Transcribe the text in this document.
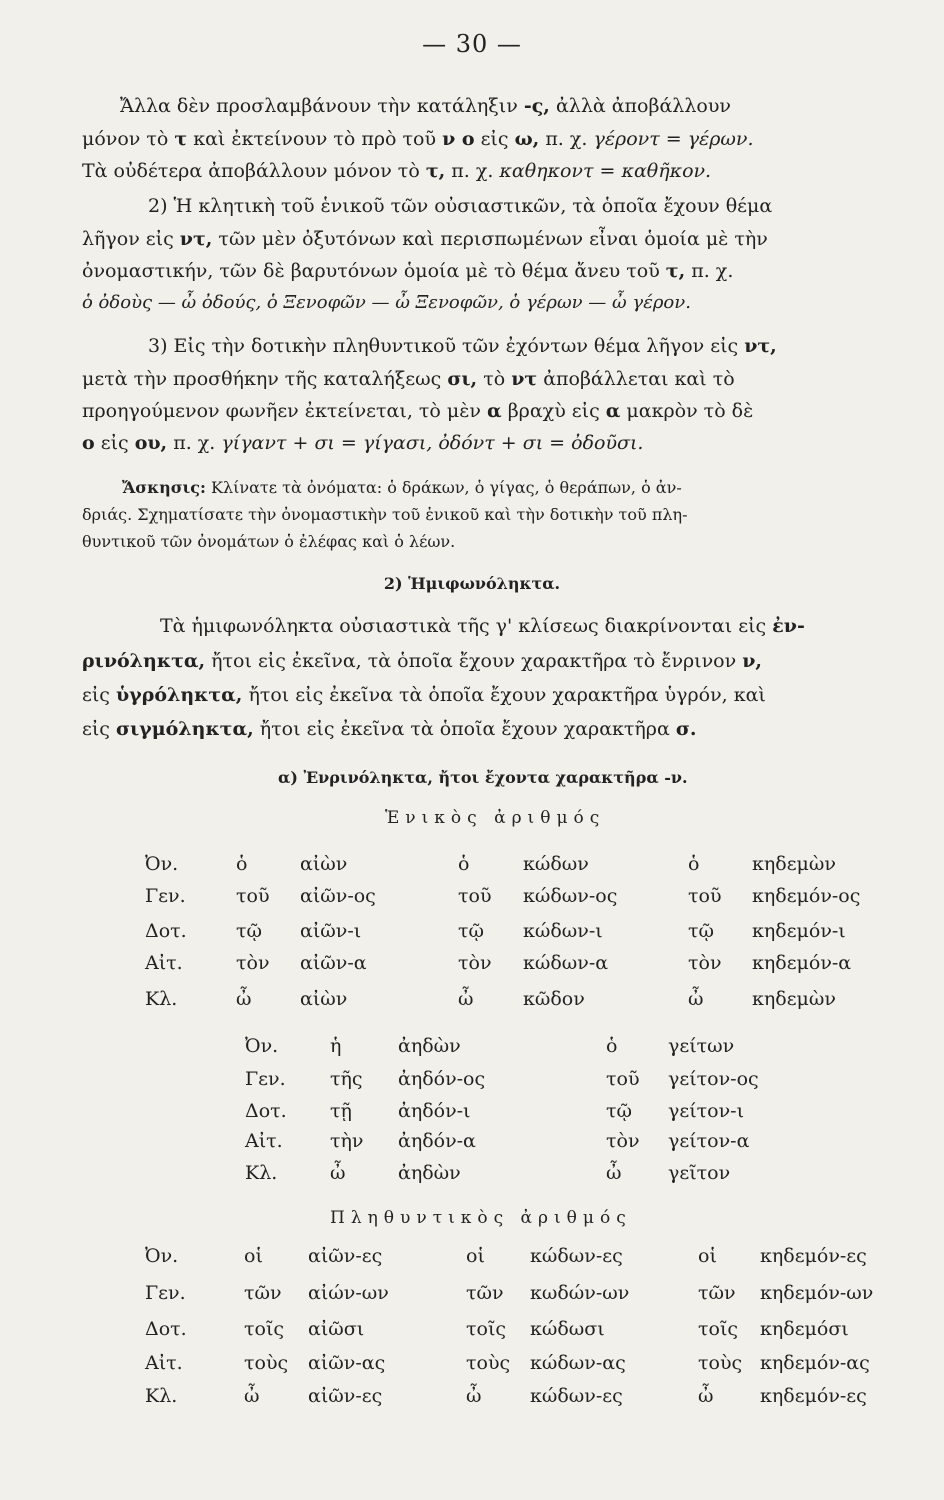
— 30 —
Ἄλλα δὲν προσλαμβάνουν τὴν κατάληξιν -ς, ἀλλὰ ἀποβάλλουν
μόνον τὸ τ καὶ ἐκτείνουν τὸ πρὸ τοῦ ν ο εἰς ω, π. χ. γέροντ = γέρων.
Τὰ οὐδέτερα ἀποβάλλουν μόνον τὸ τ, π. χ. καθηκοντ = καθῆκον.
2) Ἡ κλητικὴ τοῦ ἑνικοῦ τῶν οὐσιαστικῶν, τὰ ὁποῖα ἔχουν θέμα
λῆγον εἰς ντ, τῶν μὲν ὀξυτόνων καὶ περισπωμένων εἶναι ὁμοία μὲ τὴν
ὀνομαστικήν, τῶν δὲ βαρυτόνων ὁμοία μὲ τὸ θέμα ἄνευ τοῦ τ, π. χ.
ὁ ὀδοὺς — ὦ ὀδούς, ὁ Ξενοφῶν — ὦ Ξενοφῶν, ὁ γέρων — ὦ γέρον.
3) Εἰς τὴν δοτικὴν πληθυντικοῦ τῶν ἐχόντων θέμα λῆγον εἰς ντ,
μετὰ τὴν προσθήκην τῆς καταλήξεως σι, τὸ ντ ἀποβάλλεται καὶ τὸ
προηγούμενον φωνῆεν ἐκτείνεται, τὸ μὲν α βραχὺ εἰς α μακρὸν τὸ δὲ
ο εἰς ου, π. χ. γίγαντ + σι = γίγασι, ὀδόντ + σι = ὀδοῦσι.
Ἄσκησις: Κλίνατε τὰ ὀνόματα: ὁ δράκων, ὁ γίγας, ὁ θεράπων, ὁ ἀν-
δριάς. Σχηματίσατε τὴν ὀνομαστικὴν τοῦ ἑνικοῦ καὶ τὴν δοτικὴν τοῦ πλη-
θυντικοῦ τῶν ὀνομάτων ὁ ἐλέφας καὶ ὁ λέων.
2) Ἡμιφωνόληκτα.
Τὰ ἡμιφωνόληκτα οὐσιαστικὰ τῆς γ' κλίσεως διακρίνονται εἰς ἐν-
ρινόληκτα, ἤτοι εἰς ἐκεῖνα, τὰ ὁποῖα ἔχουν χαρακτῆρα τὸ ἔνρινον ν,
εἰς ὑγρόληκτα, ἤτοι εἰς ἐκεῖνα τὰ ὁποῖα ἔχουν χαρακτῆρα ὑγρόν, καὶ
εἰς σιγμόληκτα, ἤτοι εἰς ἐκεῖνα τὰ ὁποῖα ἔχουν χαρακτῆρα σ.
α) Ἐνρινόληκτα, ἤτοι ἔχοντα χαρακτῆρα -ν.
Ἑνικὸς ἀριθμός
Ὀν.	ὁ	αἰὼν	ὁ	κώδων	ὁ	κηδεμὼν
Γεν.	τοῦ αἰῶν-ος	τοῦ κώδων-ος	τοῦ κηδεμόν-ος
Δοτ.	τῷ αἰῶν-ι	τῷ κώδων-ι	τῷ κηδεμόν-ι
Αἰτ.	τὸν αἰῶν-α	τὸν κώδων-α	τὸν κηδεμόν-α
Κλ.	ὦ	αἰὼν	ὦ	κῶδον	ὦ	κηδεμὼν
Ὀν.	ἡ	ἀηδὼν	ὁ	γείτων
Γεν. τῆς ἀηδόν-ος	τοῦ γείτον-ος
Δοτ. τῇ ἀηδόν-ι	τῷ γείτον-ι
Αἰτ. τὴν ἀηδόν-α	τὸν γείτον-α
Κλ.	ὦ	ἀηδὼν	ὦ γεῖτον
Πληθυντικὸς ἀριθμός
Ὀν.	οἱ αἰῶν-ες	οἱ κώδων-ες	οἱ κηδεμόν-ες
Γεν.	τῶν αἰών-ων	τῶν κωδών-ων	τῶν κηδεμόν-ων
Δοτ.	τοῖς αἰῶσι	τοῖς κώδωσι	τοῖς κηδεμόσι
Αἰτ.	τοὺς αἰῶν-ας	τοὺς κώδων-ας	τοὺς κηδεμόν-ας
Κλ.	ὦ	αἰῶν-ες	ὦ	κώδων-ες	ὦ κηδεμόν-ες
